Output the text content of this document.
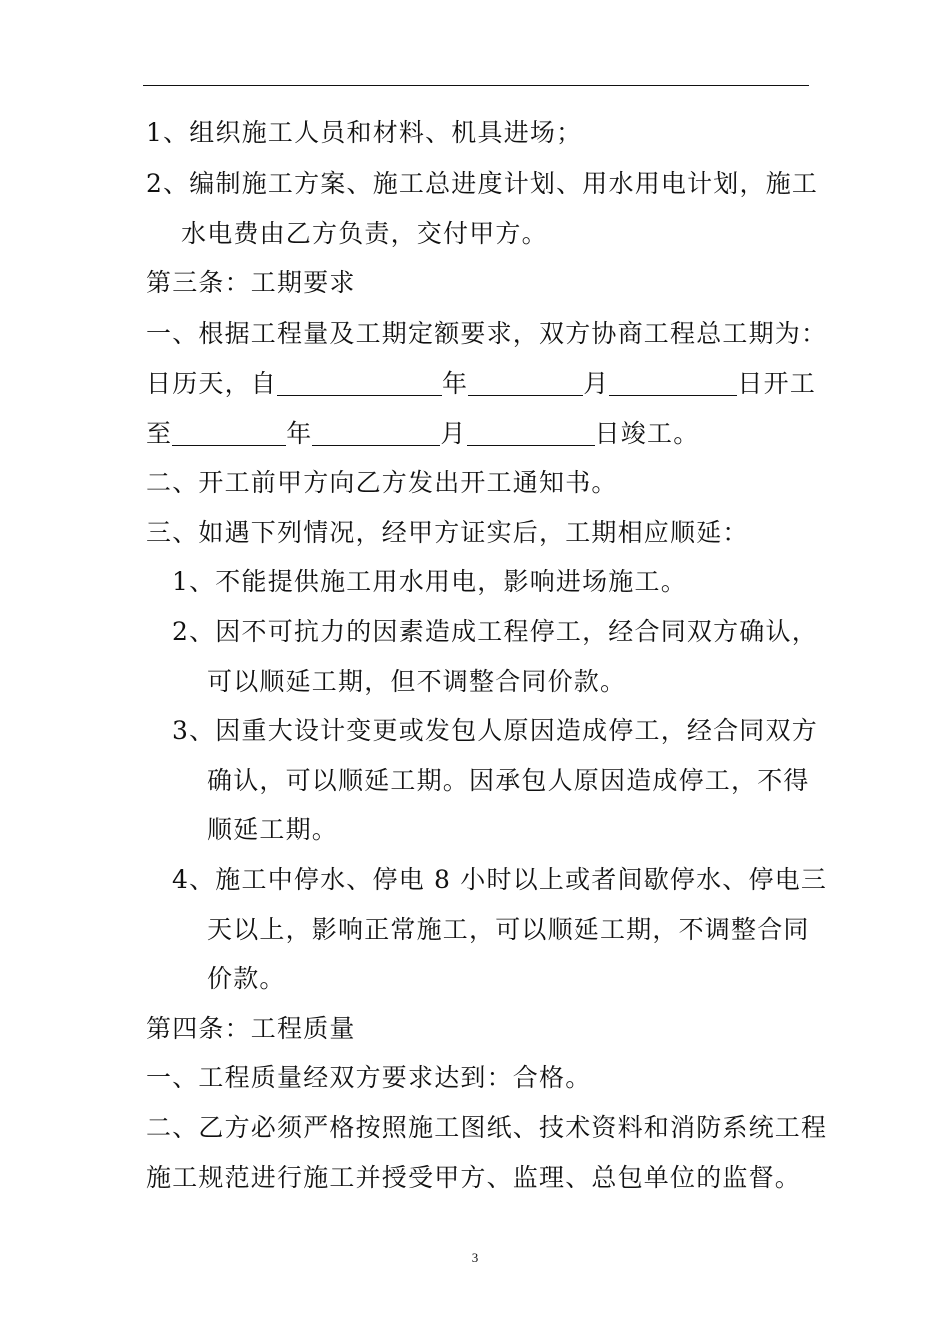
1、组织施工人员和材料、机具进场；
2、编制施工方案、施工总进度计划、用水用电计划，施工
水电费由乙方负责，交付甲方。
第三条：工期要求
一、根据工程量及工期定额要求，双方协商工程总工期为：
日历天，自	年	月	日开工
至	年	月	日竣工。
二、开工前甲方向乙方发出开工通知书。
三、如遇下列情况，经甲方证实后，工期相应顺延：
1、不能提供施工用水用电，影响进场施工。
2、因不可抗力的因素造成工程停工，经合同双方确认，
可以顺延工期，但不调整合同价款。
3、因重大设计变更或发包人原因造成停工，经合同双方
确认，可以顺延工期。因承包人原因造成停工，不得
顺延工期。
4、施工中停水、停电 8 小时以上或者间歇停水、停电三
天以上，影响正常施工，可以顺延工期，不调整合同
价款。
第四条：工程质量
一、工程质量经双方要求达到：合格。
二、乙方必须严格按照施工图纸、技术资料和消防系统工程
施工规范进行施工并授受甲方、监理、总包单位的监督。
3
